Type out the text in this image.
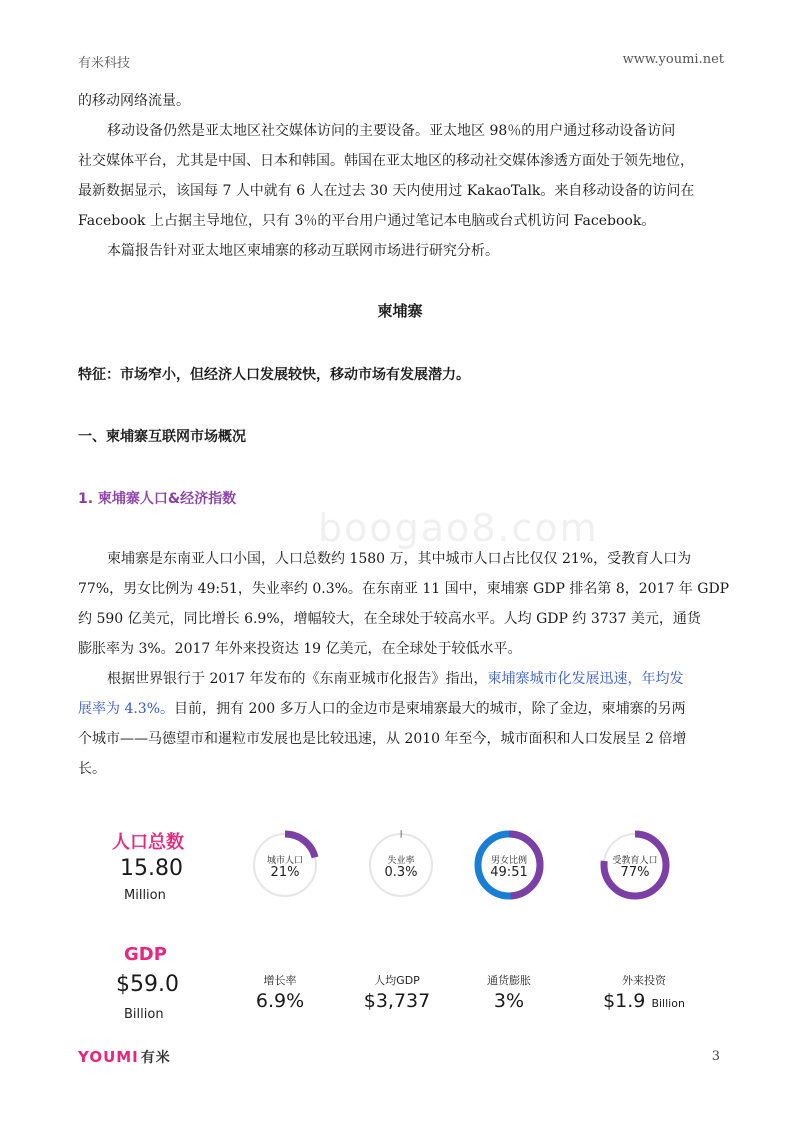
有米科技	www.youmi.net
的移动网络流量。
移动设备仍然是亚太地区社交媒体访问的主要设备。亚太地区 98％的用户通过移动设备访问
社交媒体平台，尤其是中国、日本和韩国。韩国在亚太地区的移动社交媒体渗透方面处于领先地位，
最新数据显示，该国每 7 人中就有 6 人在过去 30 天内使用过 KakaoTalk。来自移动设备的访问在
Facebook 上占据主导地位，只有 3％的平台用户通过笔记本电脑或台式机访问 Facebook。
本篇报告针对亚太地区柬埔寨的移动互联网市场进行研究分析。
柬埔寨
特征：市场窄小，但经济人口发展较快，移动市场有发展潜力。
一、柬埔寨互联网市场概况
1. 柬埔寨人口&经济指数
boogao8.com
柬埔寨是东南亚人口小国，人口总数约 1580 万，其中城市人口占比仅仅 21%，受教育人口为
77%，男女比例为 49:51，失业率约 0.3%。在东南亚 11 国中，柬埔寨 GDP 排名第 8，2017 年 GDP
约 590 亿美元，同比增长 6.9%，增幅较大，在全球处于较高水平。人均 GDP 约 3737 美元，通货
膨胀率为 3%。2017 年外来投资达 19 亿美元，在全球处于较低水平。
根据世界银行于 2017 年发布的《东南亚城市化报告》指出，柬埔寨城市化发展迅速，年均发
展率为 4.3%。目前，拥有 200 多万人口的金边市是柬埔寨最大的城市，除了金边，柬埔寨的另两
个城市——马德望市和暹粒市发展也是比较迅速，从 2010 年至今，城市面积和人口发展呈 2 倍增
长。
人口总数
15.80
Million
城市人口
21%
失业率
0.3%
男女比例
49:51
受教育人口
77%
GDP
$59.0
Billion
增长率
6.9%
人均GDP
$3,737
通货膨胀
3%
外来投资
$1.9 Billion
YOUMI 有米	3
